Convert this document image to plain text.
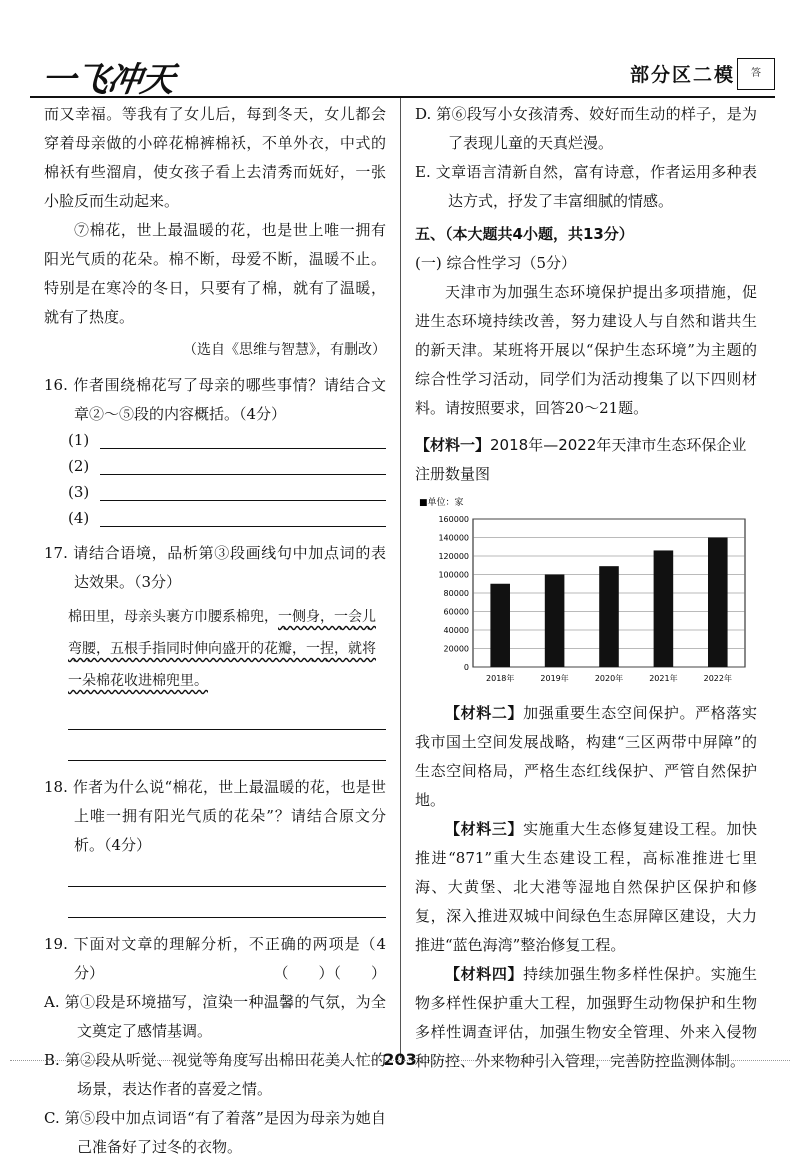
一飞冲天	部分区二模	答

而又幸福。等我有了女儿后，每到冬天，女儿都会穿着母亲做的小碎花棉裤棉袄，不单外衣，中式的棉袄有些溜肩，使女孩子看上去清秀而妩好，一张小脸反而生动起来。

⑦棉花，世上最温暖的花，也是世上唯一拥有阳光气质的花朵。棉不断，母爱不断，温暖不止。特别是在寒冷的冬日，只要有了棉，就有了温暖，就有了热度。

（选自《思维与智慧》，有删改）

16. 作者围绕棉花写了母亲的哪些事情？请结合文章②～⑤段的内容概括。（4分）

(1)
(2)
(3)
(4)

17. 请结合语境，品析第③段画线句中加点词的表达效果。（3分）

棉田里，母亲头裹方巾腰系棉兜，一侧身，一会儿弯腰，五根手指同时伸向盛开的花瓣，一捏，就将一朵棉花收进棉兜里。

18. 作者为什么说“棉花，世上最温暖的花，也是世上唯一拥有阳光气质的花朵”？请结合原文分析。（4分）

19. 下面对文章的理解分析，不正确的两项是（4分）	（　　）（　　）

A. 第①段是环境描写，渲染一种温馨的气氛，为全文奠定了感情基调。

B. 第②段从听觉、视觉等角度写出棉田花美人忙的场景，表达作者的喜爱之情。

C. 第⑤段中加点词语“有了着落”是因为母亲为她自己准备好了过冬的衣物。

D. 第⑥段写小女孩清秀、姣好而生动的样子，是为了表现儿童的天真烂漫。

E. 文章语言清新自然，富有诗意，作者运用多种表达方式，抒发了丰富细腻的情感。

五、（本大题共4小题，共13分）

(一) 综合性学习（5分）

天津市为加强生态环境保护提出多项措施，促进生态环境持续改善，努力建设人与自然和谐共生的新天津。某班将开展以“保护生态环境”为主题的综合性学习活动，同学们为活动搜集了以下四则材料。请按照要求，回答20～21题。

【材料一】2018年—2022年天津市生态环保企业注册数量图

■单位：家
0
20000
40000
60000
80000
100000
120000
140000
160000
2018年	2019年	2020年	2021年	2022年

【材料二】加强重要生态空间保护。严格落实我市国土空间发展战略，构建“三区两带中屏障”的生态空间格局，严格生态红线保护、严管自然保护地。

【材料三】实施重大生态修复建设工程。加快推进“871”重大生态建设工程，高标准推进七里海、大黄堡、北大港等湿地自然保护区保护和修复，深入推进双城中间绿色生态屏障区建设，大力推进“蓝色海湾”整治修复工程。

【材料四】持续加强生物多样性保护。实施生物多样性保护重大工程，加强野生动物保护和生物多样性调查评估，加强生物安全管理、外来入侵物种防控、外来物种引入管理，完善防控监测体制。

203
